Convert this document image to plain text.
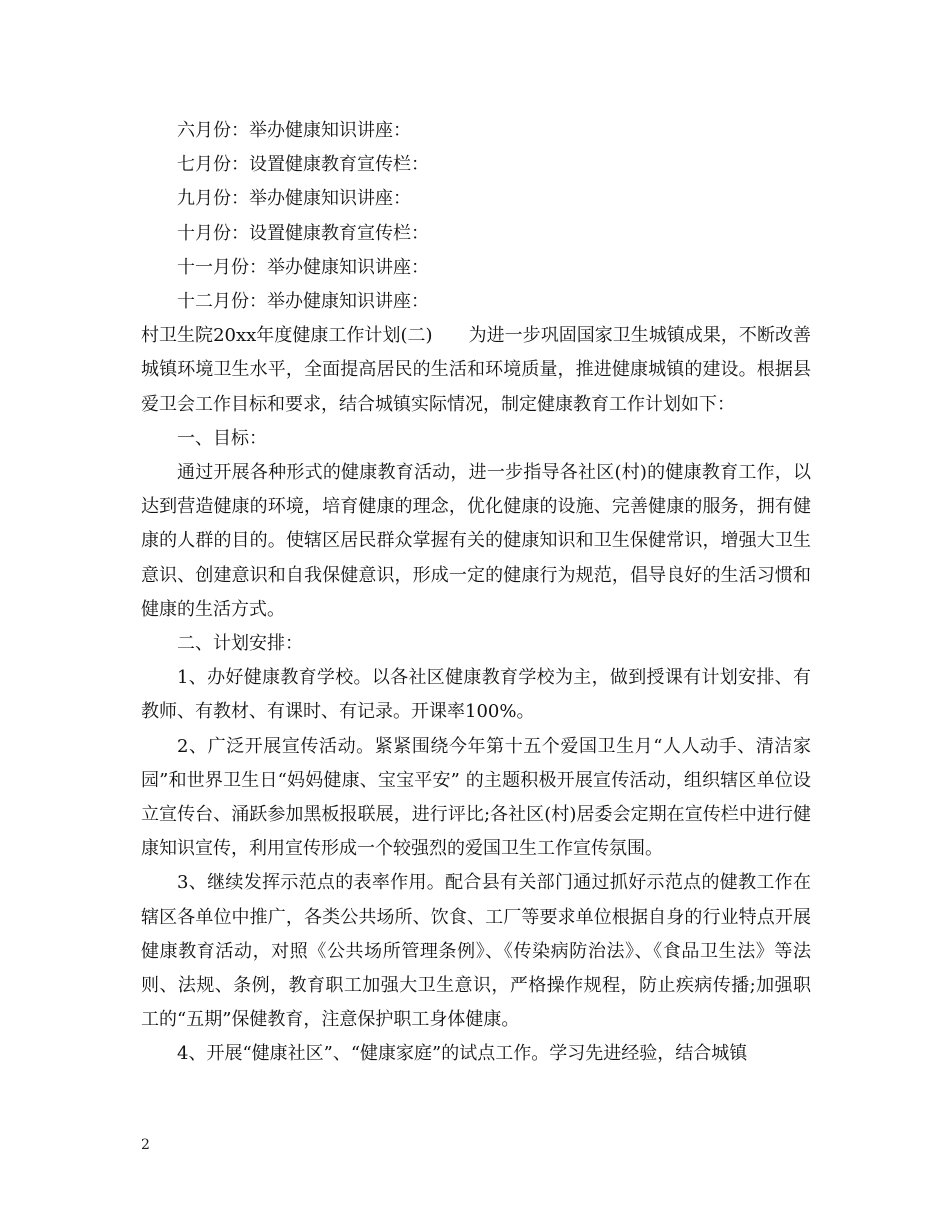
六月份：举办健康知识讲座：

七月份：设置健康教育宣传栏：

九月份：举办健康知识讲座：

十月份：设置健康教育宣传栏：

十一月份：举办健康知识讲座：

十二月份：举办健康知识讲座：

村卫生院20xx年度健康工作计划(二)　　为进一步巩固国家卫生城镇成果，不断改善城镇环境卫生水平，全面提高居民的生活和环境质量，推进健康城镇的建设。根据县爱卫会工作目标和要求，结合城镇实际情况，制定健康教育工作计划如下：

一、目标：

通过开展各种形式的健康教育活动，进一步指导各社区(村)的健康教育工作，以达到营造健康的环境，培育健康的理念，优化健康的设施、完善健康的服务，拥有健康的人群的目的。使辖区居民群众掌握有关的健康知识和卫生保健常识，增强大卫生意识、创建意识和自我保健意识，形成一定的健康行为规范，倡导良好的生活习惯和健康的生活方式。

二、计划安排：

1、办好健康教育学校。以各社区健康教育学校为主，做到授课有计划安排、有教师、有教材、有课时、有记录。开课率100%。

2、广泛开展宣传活动。紧紧围绕今年第十五个爱国卫生月“人人动手、清洁家园”和世界卫生日“妈妈健康、宝宝平安” 的主题积极开展宣传活动，组织辖区单位设立宣传台、涌跃参加黑板报联展，进行评比;各社区(村)居委会定期在宣传栏中进行健康知识宣传，利用宣传形成一个较强烈的爱国卫生工作宣传氛围。

3、继续发挥示范点的表率作用。配合县有关部门通过抓好示范点的健教工作在辖区各单位中推广，各类公共场所、饮食、工厂等要求单位根据自身的行业特点开展健康教育活动，对照《公共场所管理条例》、《传染病防治法》、《食品卫生法》等法则、法规、条例，教育职工加强大卫生意识，严格操作规程，防止疾病传播;加强职工的“五期”保健教育，注意保护职工身体健康。

4、开展“健康社区”、“健康家庭”的试点工作。学习先进经验，结合城镇

2
